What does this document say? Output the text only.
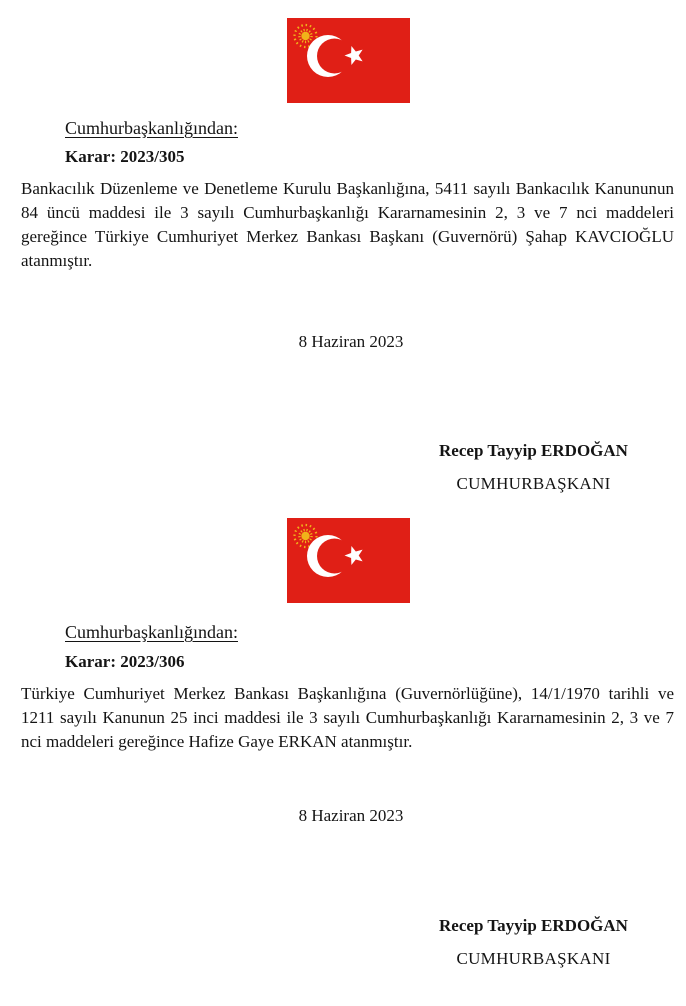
Cumhurbaşkanlığından:
Karar: 2023/305
Bankacılık Düzenleme ve Denetleme Kurulu Başkanlığına, 5411 sayılı Bankacılık Kanununun
84 üncü maddesi ile 3 sayılı Cumhurbaşkanlığı Kararnamesinin 2, 3 ve 7 nci maddeleri
gereğince Türkiye Cumhuriyet Merkez Bankası Başkanı (Guvernörü) Şahap KAVCIOĞLU
atanmıştır.
8 Haziran 2023
Recep Tayyip ERDOĞAN
CUMHURBAŞKANI
Cumhurbaşkanlığından:
Karar: 2023/306
Türkiye Cumhuriyet Merkez Bankası Başkanlığına (Guvernörlüğüne), 14/1/1970 tarihli ve
1211 sayılı Kanunun 25 inci maddesi ile 3 sayılı Cumhurbaşkanlığı Kararnamesinin 2, 3 ve 7
nci maddeleri gereğince Hafize Gaye ERKAN atanmıştır.
8 Haziran 2023
Recep Tayyip ERDOĞAN
CUMHURBAŞKANI
